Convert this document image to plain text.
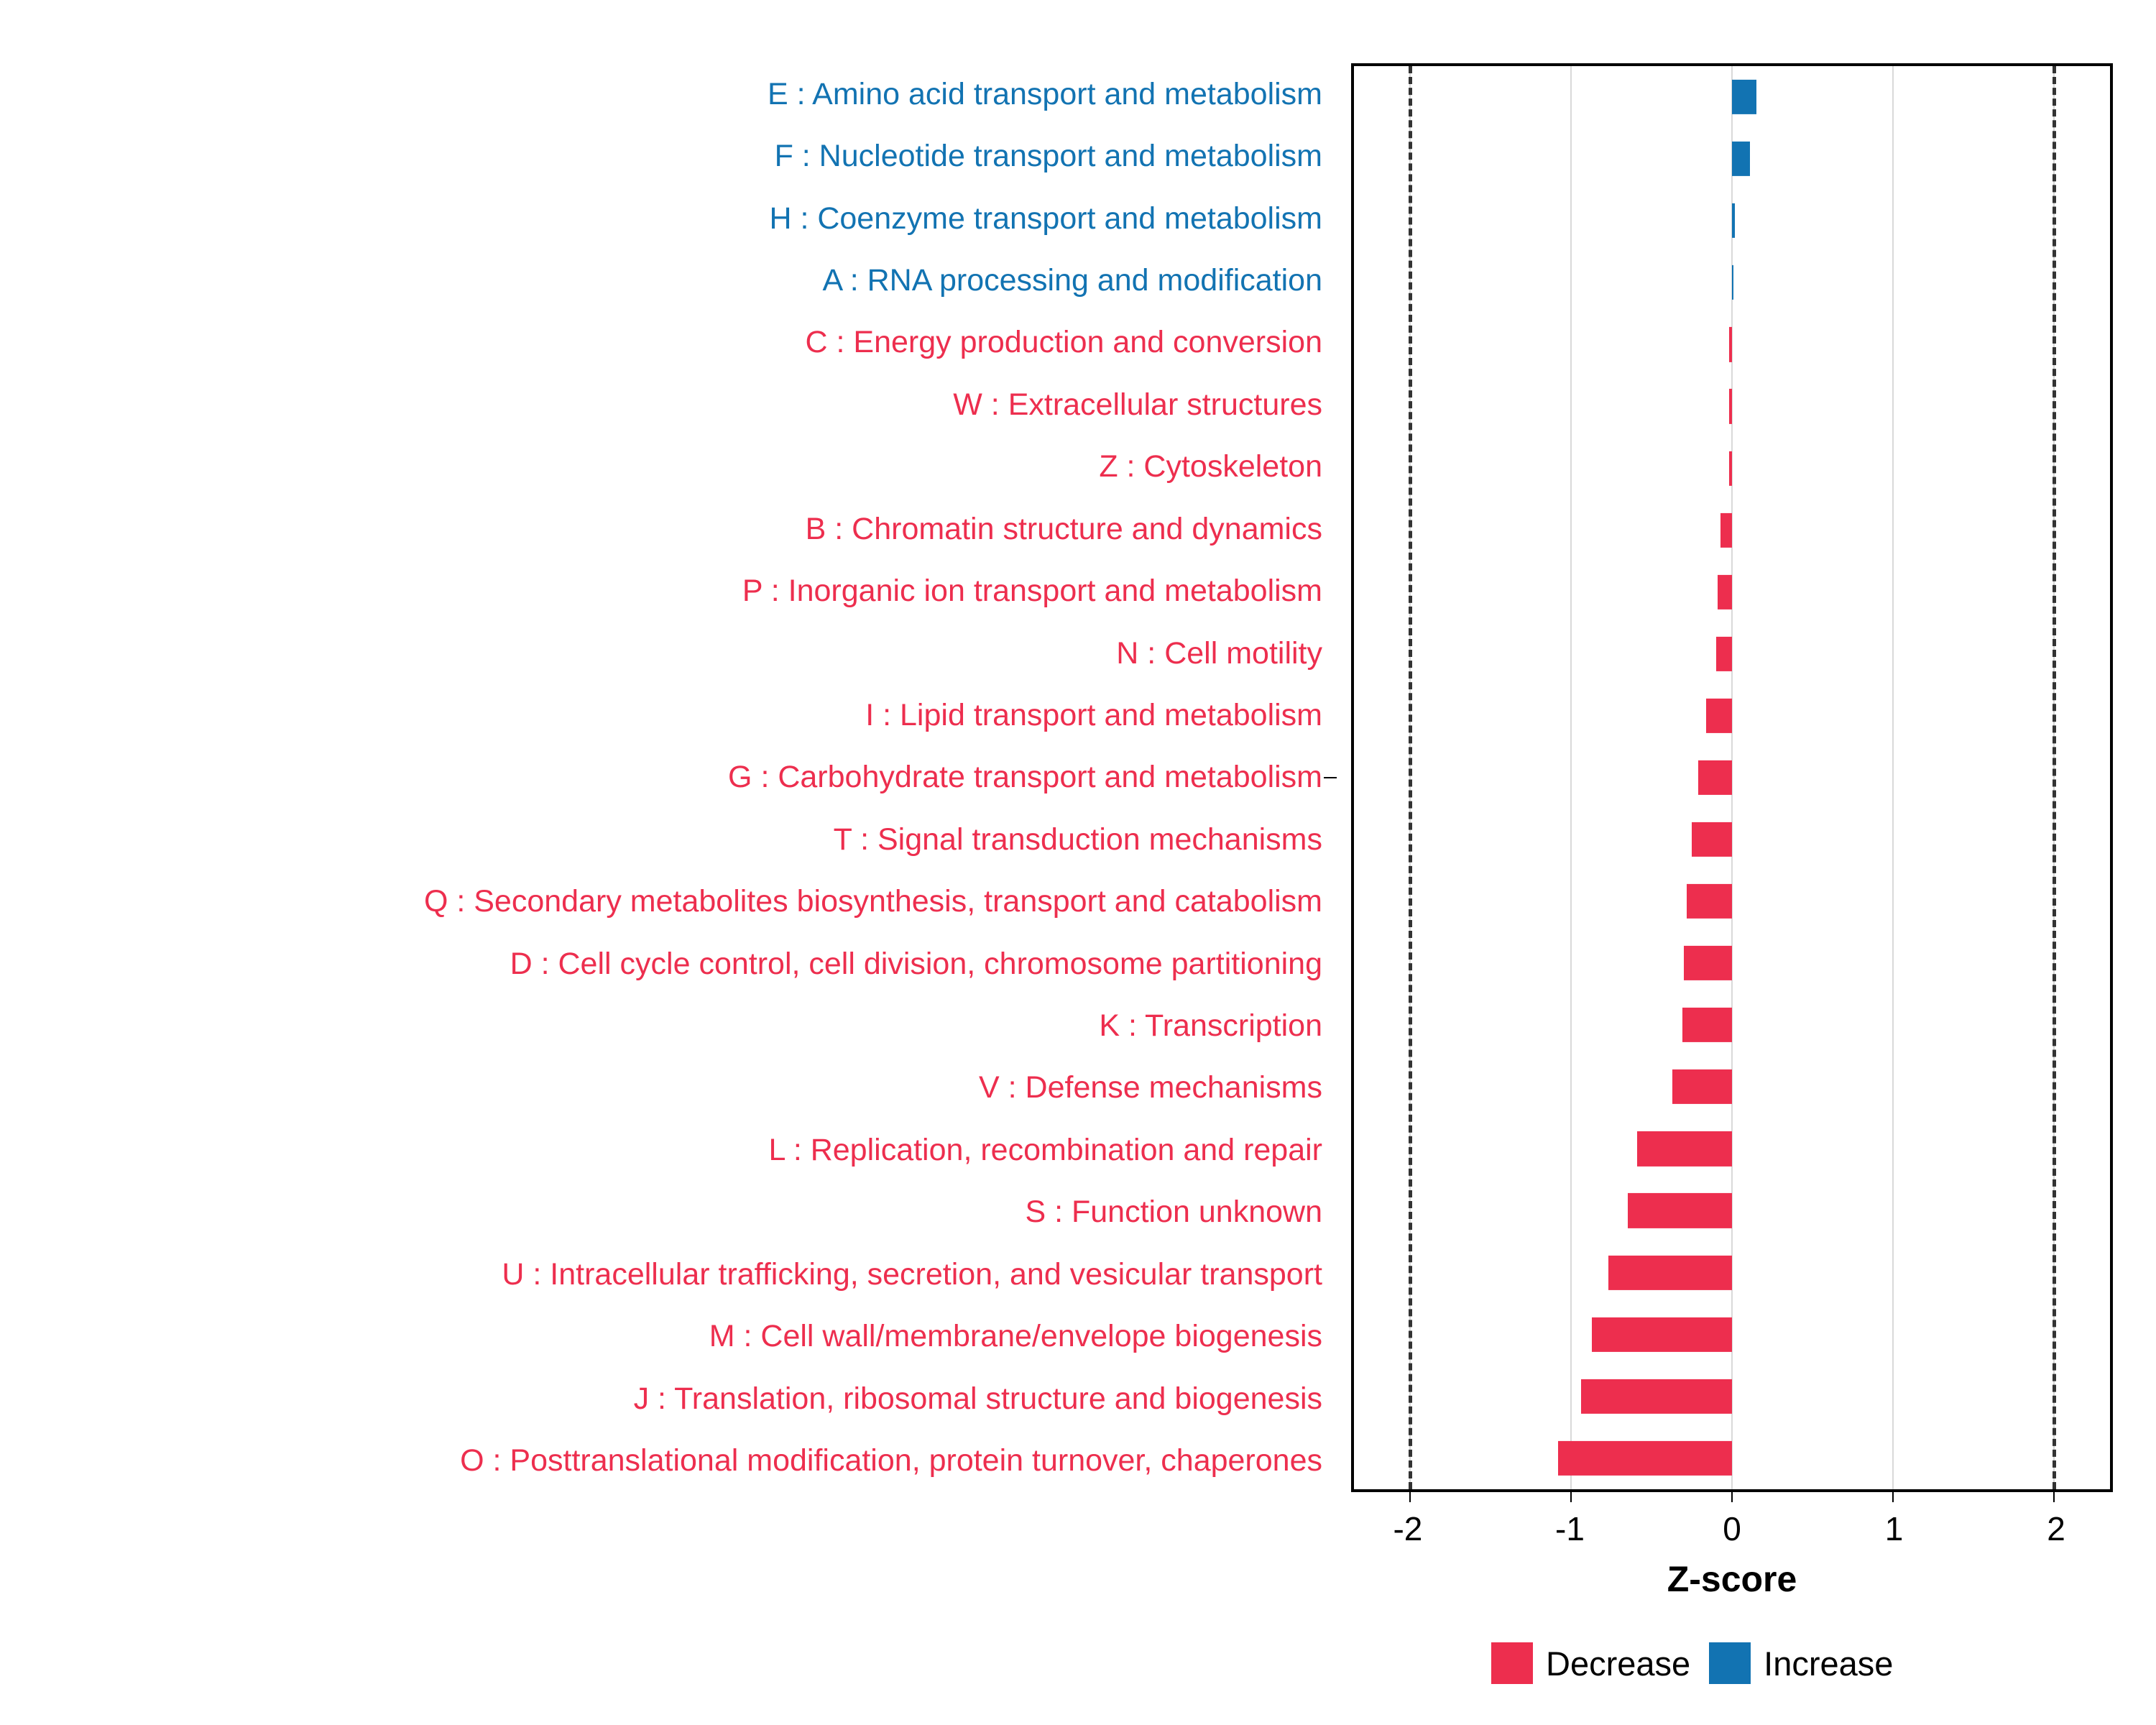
E : Amino acid transport and metabolism
F : Nucleotide transport and metabolism
H : Coenzyme transport and metabolism
A : RNA processing and modification
C : Energy production and conversion
W : Extracellular structures
Z : Cytoskeleton
B : Chromatin structure and dynamics
P : Inorganic ion transport and metabolism
N : Cell motility
I : Lipid transport and metabolism
G : Carbohydrate transport and metabolism
T : Signal transduction mechanisms
Q : Secondary metabolites biosynthesis, transport and catabolism
D : Cell cycle control, cell division, chromosome partitioning
K : Transcription
V : Defense mechanisms
L : Replication, recombination and repair
S : Function unknown
U : Intracellular trafficking, secretion, and vesicular transport
M : Cell wall/membrane/envelope biogenesis
J : Translation, ribosomal structure and biogenesis
O : Posttranslational modification, protein turnover, chaperones
-2	-1	0	1	2
Z-score
Decrease Increase
